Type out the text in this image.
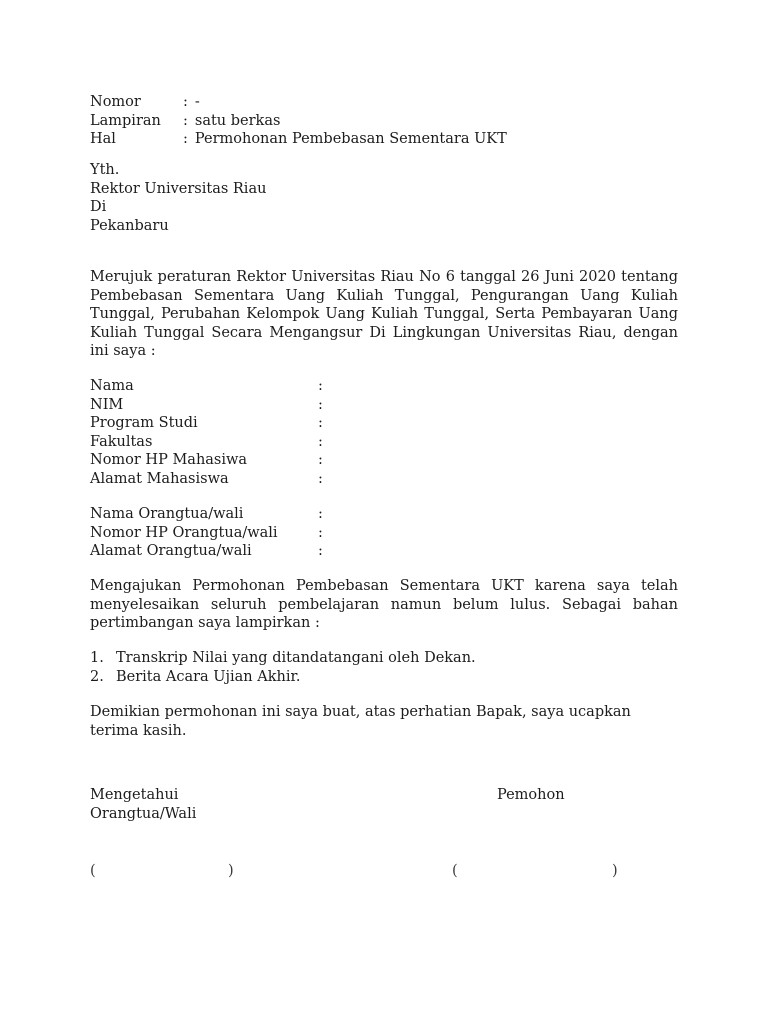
Nomor	: -
Lampiran	: satu berkas
Hal	: Permohonan Pembebasan Sementara UKT
Yth.
Rektor Universitas Riau
Di
Pekanbaru
Merujuk peraturan Rektor Universitas Riau No 6 tanggal 26 Juni 2020 tentang Pembebasan Sementara Uang Kuliah Tunggal, Pengurangan Uang Kuliah Tunggal, Perubahan Kelompok Uang Kuliah Tunggal, Serta Pembayaran Uang Kuliah Tunggal Secara Mengangsur Di Lingkungan Universitas Riau, dengan ini saya :
Nama	:
NIM	:
Program Studi	:
Fakultas	:
Nomor HP Mahasiwa	:
Alamat Mahasiswa	:
Nama Orangtua/wali	:
Nomor HP Orangtua/wali	:
Alamat Orangtua/wali	:
Mengajukan Permohonan Pembebasan Sementara UKT karena saya telah menyelesaikan seluruh pembelajaran namun belum lulus. Sebagai bahan pertimbangan saya lampirkan :
1. Transkrip Nilai yang ditandatangani oleh Dekan.
2. Berita Acara Ujian Akhir.
Demikian permohonan ini saya buat, atas perhatian Bapak, saya ucapkan terima kasih.
Mengetahui	Pemohon
Orangtua/Wali
(	)	(	)
